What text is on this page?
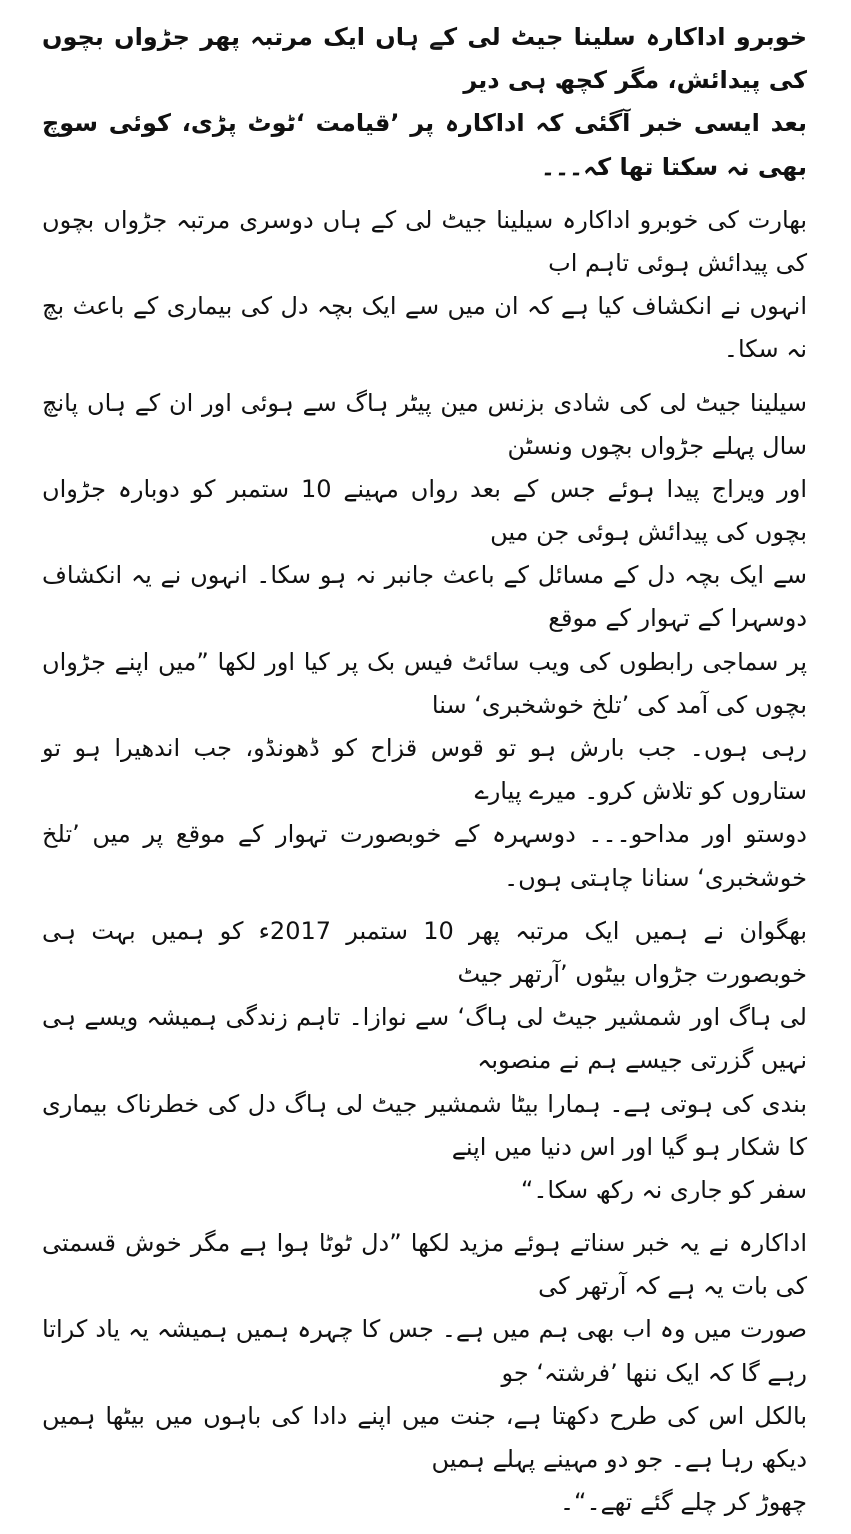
خوبرو اداکارہ سلینا جیٹ لی کے ہاں ایک مرتبہ پھر جڑواں بچوں کی پیدائش، مگر کچھ ہی دیر
بعد ایسی خبر آگئی کہ اداکارہ پر ’قیامت ‘ٹوٹ پڑی، کوئی سوچ بھی نہ سکتا تھا کہ۔۔۔

بھارت کی خوبرو اداکارہ سیلینا جیٹ لی کے ہاں دوسری مرتبہ جڑواں بچوں کی پیدائش ہوئی تاہم اب
انہوں نے انکشاف کیا ہے کہ ان میں سے ایک بچہ دل کی بیماری کے باعث بچ نہ سکا۔

سیلینا جیٹ لی کی شادی بزنس مین پیٹر ہاگ سے ہوئی اور ان کے ہاں پانچ سال پہلے جڑواں بچوں ونسٹن
اور ویراج پیدا ہوئے جس کے بعد رواں مہینے 10 ستمبر کو دوبارہ جڑواں بچوں کی پیدائش ہوئی جن میں
سے ایک بچہ دل کے مسائل کے باعث جانبر نہ ہو سکا۔ انہوں نے یہ انکشاف دوسہرا کے تہوار کے موقع
پر سماجی رابطوں کی ویب سائٹ فیس بک پر کیا اور لکھا ”میں اپنے جڑواں بچوں کی آمد کی ’تلخ خوشخبری‘ سنا
رہی ہوں۔ جب بارش ہو تو قوس قزاح کو ڈھونڈو، جب اندھیرا ہو تو ستاروں کو تلاش کرو۔ میرے پیارے
دوستو اور مداحو۔۔۔ دوسہرہ کے خوبصورت تہوار کے موقع پر میں ’تلخ خوشخبری‘ سنانا چاہتی ہوں۔

بھگوان نے ہمیں ایک مرتبہ پھر 10 ستمبر 2017ء کو ہمیں بہت ہی خوبصورت جڑواں بیٹوں ’آرتھر جیٹ
لی ہاگ اور شمشیر جیٹ لی ہاگ‘ سے نوازا۔ تاہم زندگی ہمیشہ ویسے ہی نہیں گزرتی جیسے ہم نے منصوبہ
بندی کی ہوتی ہے۔ ہمارا بیٹا شمشیر جیٹ لی ہاگ دل کی خطرناک بیماری کا شکار ہو گیا اور اس دنیا میں اپنے
سفر کو جاری نہ رکھ سکا۔“

اداکارہ نے یہ خبر سناتے ہوئے مزید لکھا ”دل ٹوٹا ہوا ہے مگر خوش قسمتی کی بات یہ ہے کہ آرتھر کی
صورت میں وہ اب بھی ہم میں ہے۔ جس کا چہرہ ہمیں ہمیشہ یہ یاد کراتا رہے گا کہ ایک ننھا ’فرشتہ‘ جو
بالکل اس کی طرح دکھتا ہے، جنت میں اپنے دادا کی باہوں میں بیٹھا ہمیں دیکھ رہا ہے۔ جو دو مہینے پہلے ہمیں
چھوڑ کر چلے گئے تھے۔“۔
